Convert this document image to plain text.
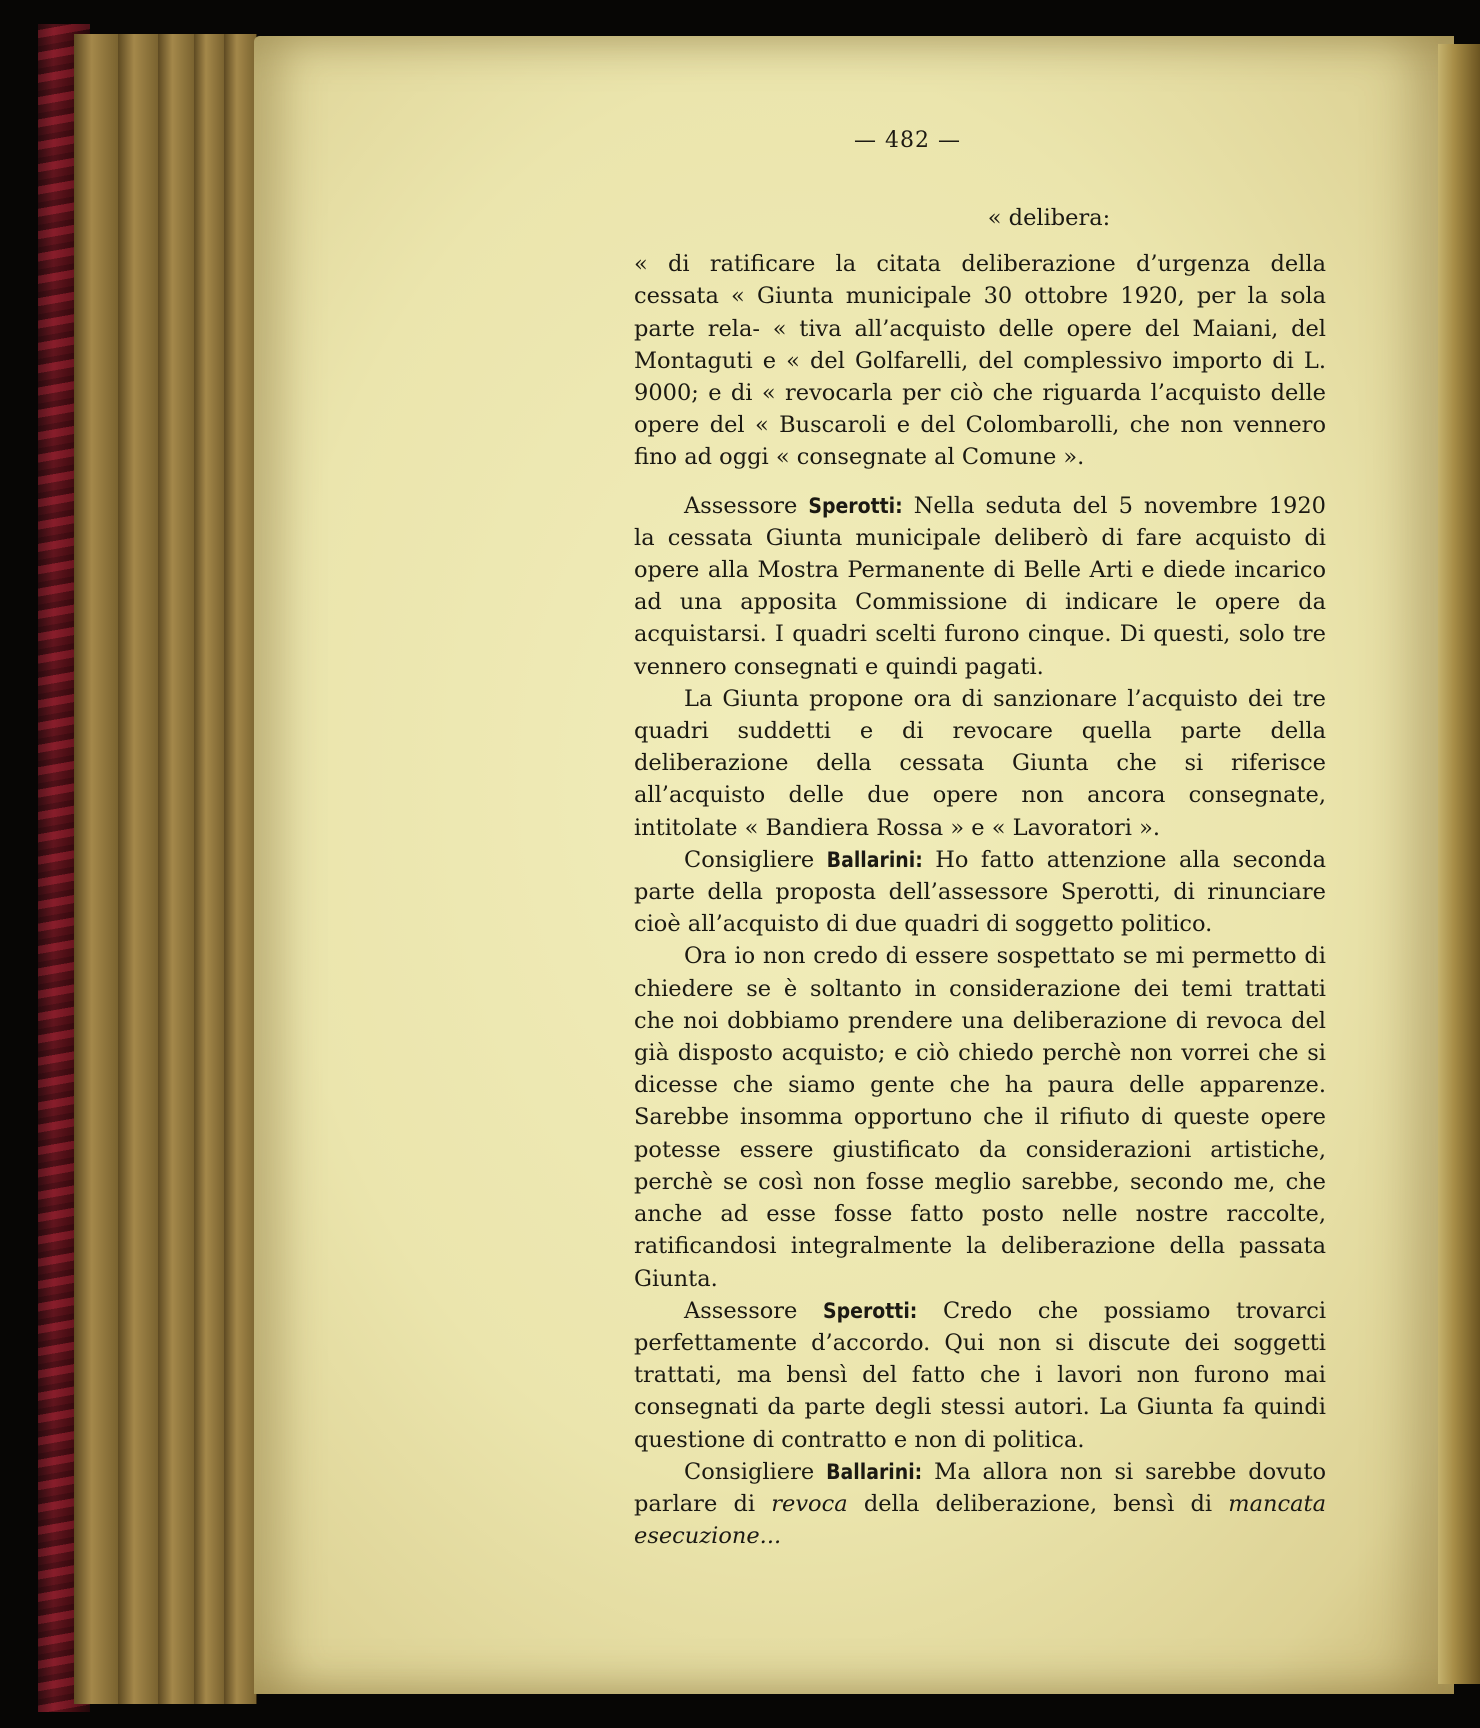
— 482 —
« delibera:

« di ratificare la citata deliberazione d’urgenza della cessata « Giunta municipale 30 ottobre 1920, per la sola parte rela- « tiva all’acquisto delle opere del Maiani, del Montaguti e « del Golfarelli, del complessivo importo di L. 9000; e di « revocarla per ciò che riguarda l’acquisto delle opere del « Buscaroli e del Colombarolli, che non vennero fino ad oggi « consegnate al Comune ».

Assessore Sperotti: Nella seduta del 5 novembre 1920 la cessata Giunta municipale deliberò di fare acquisto di opere alla Mostra Permanente di Belle Arti e diede incarico ad una apposita Commissione di indicare le opere da acquistarsi. I quadri scelti furono cinque. Di questi, solo tre vennero consegnati e quindi pagati.

La Giunta propone ora di sanzionare l’acquisto dei tre quadri suddetti e di revocare quella parte della deliberazione della cessata Giunta che si riferisce all’acquisto delle due opere non ancora consegnate, intitolate « Bandiera Rossa » e « Lavoratori ».

Consigliere Ballarini: Ho fatto attenzione alla seconda parte della proposta dell’assessore Sperotti, di rinunciare cioè all’acquisto di due quadri di soggetto politico.

Ora io non credo di essere sospettato se mi permetto di chiedere se è soltanto in considerazione dei temi trattati che noi dobbiamo prendere una deliberazione di revoca del già disposto acquisto; e ciò chiedo perchè non vorrei che si dicesse che siamo gente che ha paura delle apparenze. Sarebbe insomma opportuno che il rifiuto di queste opere potesse essere giustificato da considerazioni artistiche, perchè se così non fosse meglio sarebbe, secondo me, che anche ad esse fosse fatto posto nelle nostre raccolte, ratificandosi integralmente la deliberazione della passata Giunta.

Assessore Sperotti: Credo che possiamo trovarci perfettamente d’accordo. Qui non si discute dei soggetti trattati, ma bensì del fatto che i lavori non furono mai consegnati da parte degli stessi autori. La Giunta fa quindi questione di contratto e non di politica.

Consigliere Ballarini: Ma allora non si sarebbe dovuto parlare di revoca della deliberazione, bensì di mancata esecuzione...
